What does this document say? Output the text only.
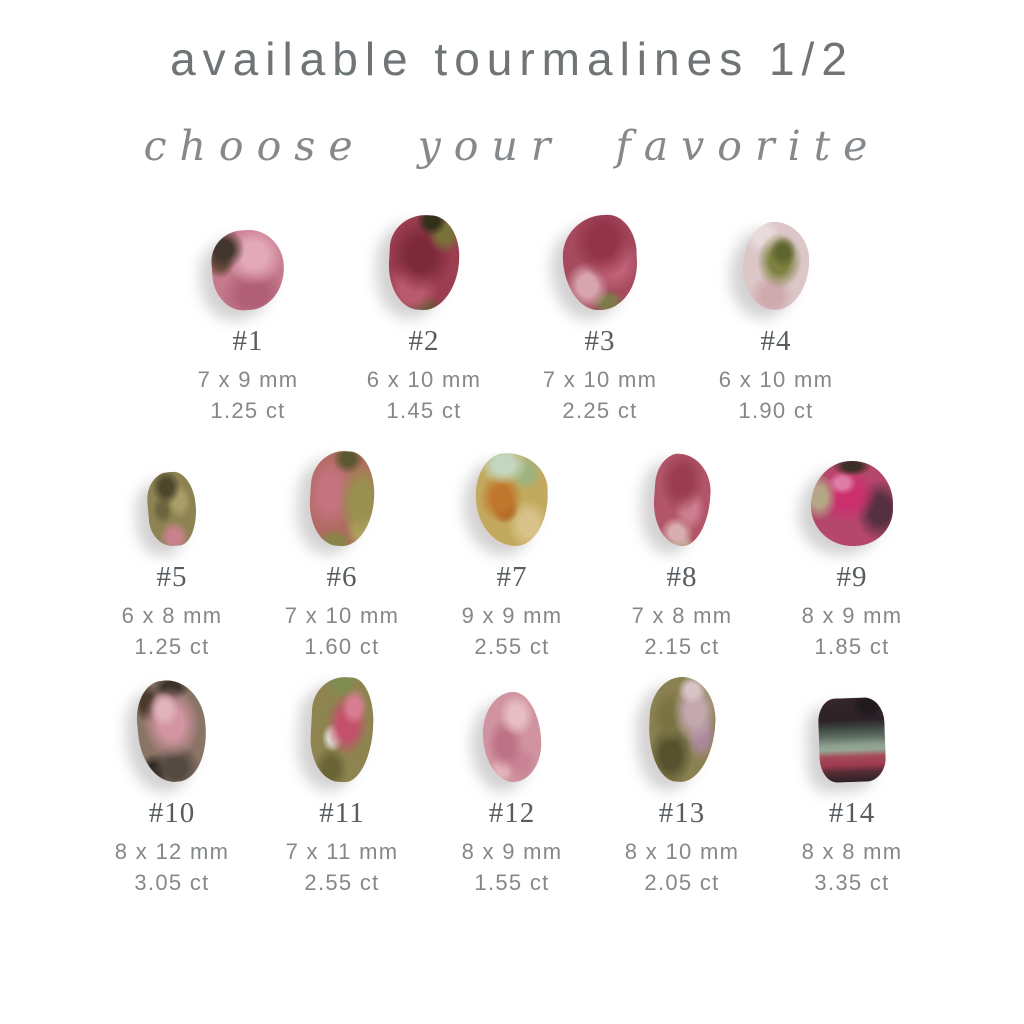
available tourmalines 1/2
choose your favorite
#1
7 x 9 mm
1.25 ct
#2
6 x 10 mm
1.45 ct
#3
7 x 10 mm
2.25 ct
#4
6 x 10 mm
1.90 ct
#5
6 x 8 mm
1.25 ct
#6
7 x 10 mm
1.60 ct
#7
9 x 9 mm
2.55 ct
#8
7 x 8 mm
2.15 ct
#9
8 x 9 mm
1.85 ct
#10
8 x 12 mm
3.05 ct
#11
7 x 11 mm
2.55 ct
#12
8 x 9 mm
1.55 ct
#13
8 x 10 mm
2.05 ct
#14
8 x 8 mm
3.35 ct
